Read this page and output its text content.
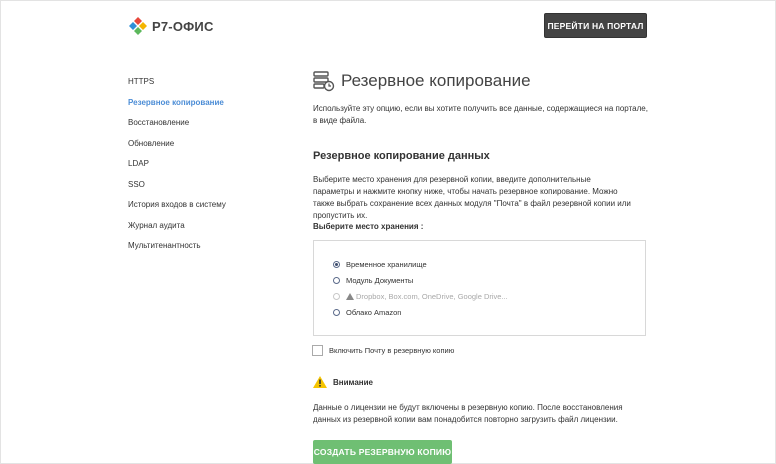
Р7-ОФИС	ПЕРЕЙТИ НА ПОРТАЛ
HTTPS
Резервное копирование
Восстановление
Обновление
LDAP
SSO
История входов в систему
Журнал аудита
Мультитенантность
Резервное копирование
Используйте эту опцию, если вы хотите получить все данные, содержащиеся на портале, в виде файла.
Резервное копирование данных
Выберите место хранения для резервной копии, введите дополнительные параметры и нажмите кнопку ниже, чтобы начать резервное копирование. Можно также выбрать сохранение всех данных модуля "Почта" в файл резервной копии или пропустить их.
Выберите место хранения :
Временное хранилище
Модуль Документы
Dropbox, Box.com, OneDrive, Google Drive...
Облако Amazon
Включить Почту в резервную копию
Внимание
Данные о лицензии не будут включены в резервную копию. После восстановления данных из резервной копии вам понадобится повторно загрузить файл лицензии.
СОЗДАТЬ РЕЗЕРВНУЮ КОПИЮ
